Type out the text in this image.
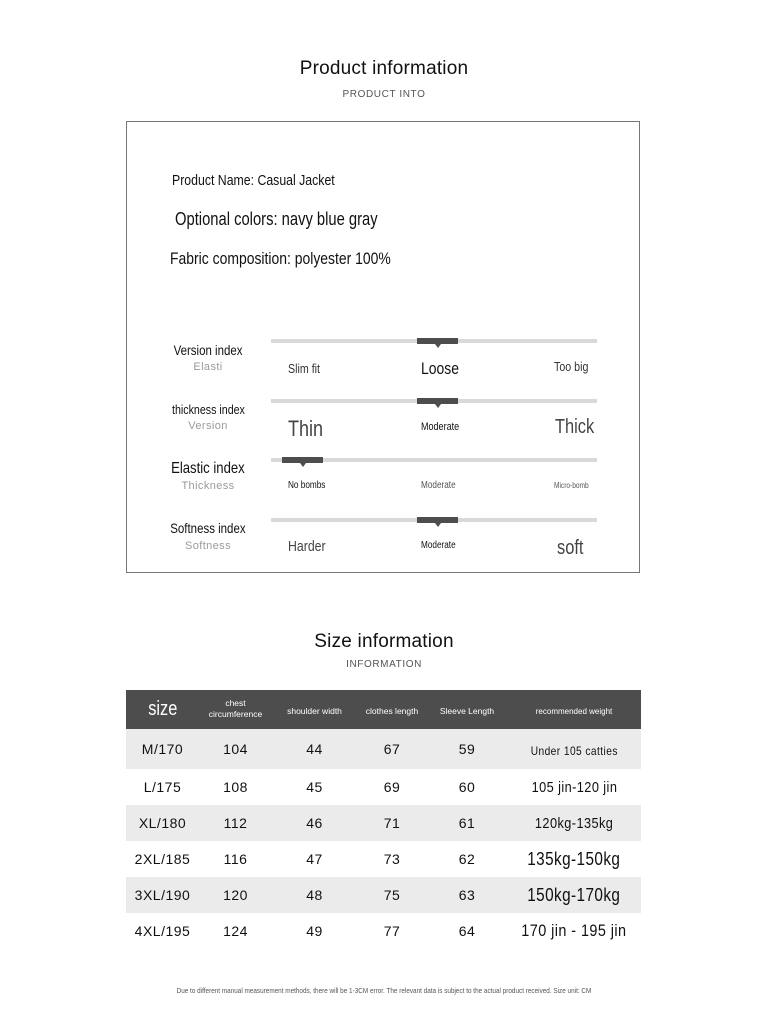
Product information
PRODUCT INTO
Product Name: Casual Jacket
Optional colors: navy blue gray
Fabric composition: polyester 100%
Version index
Elasti	Slim fit	Loose	Too big
thickness index
Version	Thin	Moderate	Thick
Elastic index
Thickness	No bombs	Moderate	Micro-bomb
Softness index
Softness	Harder	Moderate	soft
Size information
INFORMATION
size	chest circumference	shoulder width	clothes length	Sleeve Length	recommended weight
M/170	104	44	67	59	Under 105 catties
L/175	108	45	69	60	105 jin-120 jin
XL/180	112	46	71	61	120kg-135kg
2XL/185	116	47	73	62	135kg-150kg
3XL/190	120	48	75	63	150kg-170kg
4XL/195	124	49	77	64	170 jin - 195 jin
Due to different manual measurement methods, there will be 1-3CM error. The relevant data is subject to the actual product received. Size unit: CM
